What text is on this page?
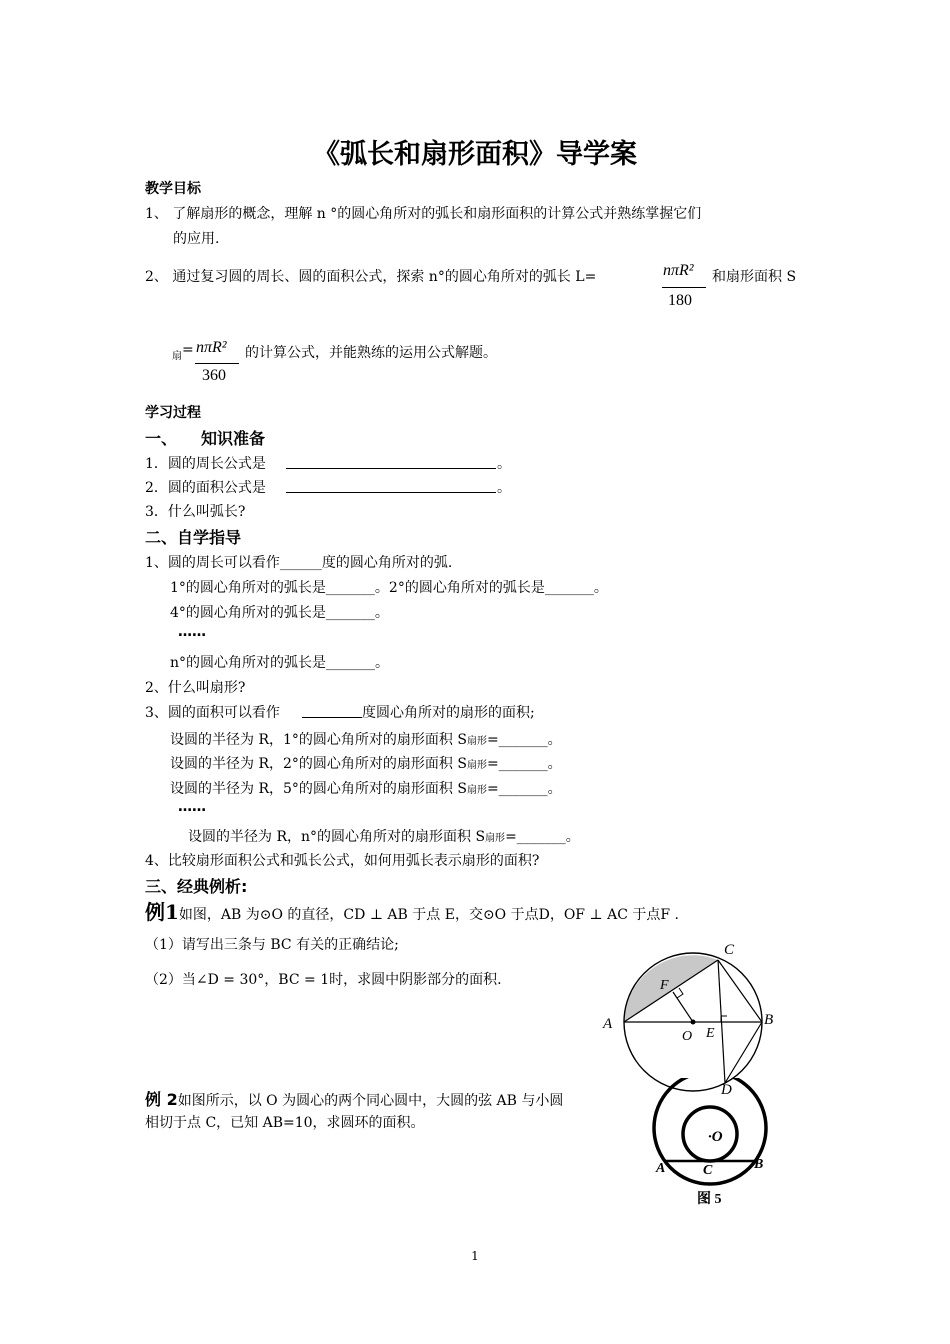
《弧长和扇形面积》导学案
教学目标
1、 了解扇形的概念，理解 n °的圆心角所对的弧长和扇形面积的计算公式并熟练掌握它们
的应用.
2、 通过复习圆的周长、圆的面积公式，探索 n°的圆心角所对的弧长 L=	nπR²
180
和扇形面积 S
扇 = nπR²
360
的计算公式，并能熟练的运用公式解题。
学习过程
一、　　知识准备
1．圆的周长公式是	。
2．圆的面积公式是	。
3．什么叫弧长?
二、自学指导
1、圆的周长可以看作______度的圆心角所对的弧.
1°的圆心角所对的弧长是_______。2°的圆心角所对的弧长是_______。
4°的圆心角所对的弧长是_______。
……
n°的圆心角所对的弧长是_______。
2、什么叫扇形?
3、圆的面积可以看作	度圆心角所对的扇形的面积;
设圆的半径为 R，1°的圆心角所对的扇形面积 S扇形=_______。
设圆的半径为 R，2°的圆心角所对的扇形面积 S扇形=_______。
设圆的半径为 R，5°的圆心角所对的扇形面积 S扇形=_______。
……
设圆的半径为 R，n°的圆心角所对的扇形面积 S扇形=_______。
4、比较扇形面积公式和弧长公式，如何用弧长表示扇形的面积?
三、经典例析:
例1如图，AB 为⊙O 的直径，CD ⊥ AB 于点 E，交⊙O 于点D，OF ⊥ AC 于点F .
（1）请写出三条与 BC 有关的正确结论;
（2）当∠D = 30°，BC = 1时，求圆中阴影部分的面积.
A	B
C
D
E
F
O
例 2如图所示，以 O 为圆心的两个同心圆中，大圆的弦 AB 与小圆
相切于点 C，已知 AB=10，求圆环的面积。
·O
A	C	B
图 5
1
